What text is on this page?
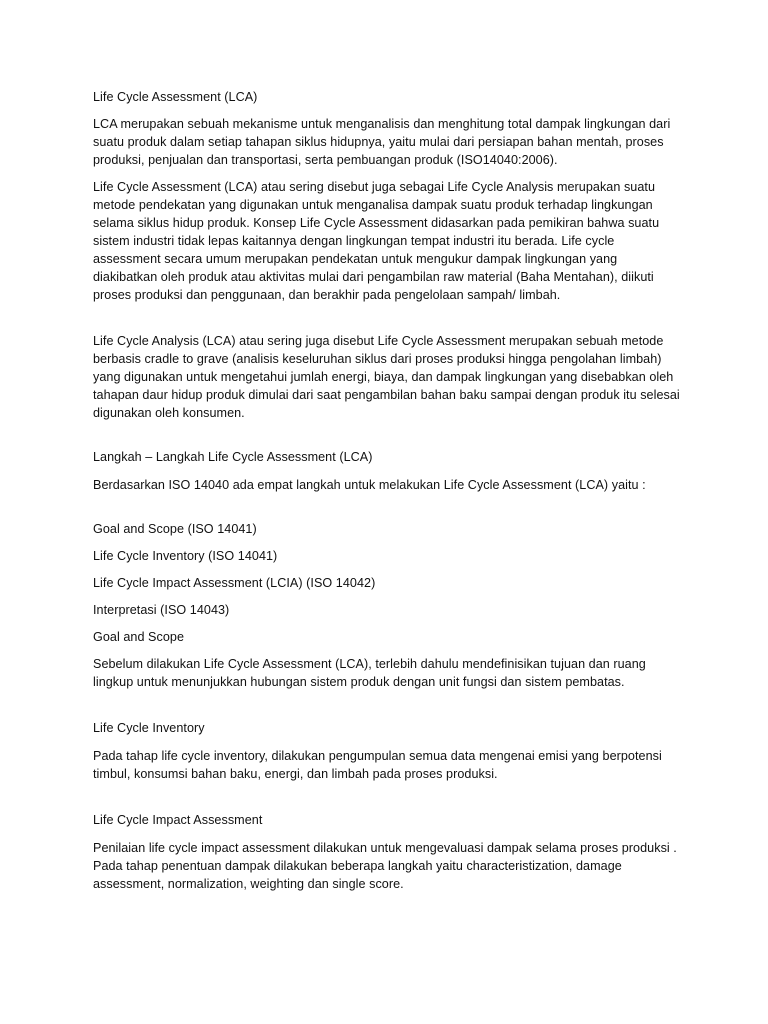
Life Cycle Assessment (LCA)

LCA merupakan sebuah mekanisme untuk menganalisis dan menghitung total dampak lingkungan dari suatu produk dalam setiap tahapan siklus hidupnya, yaitu mulai dari persiapan bahan mentah, proses produksi, penjualan dan transportasi, serta pembuangan produk (ISO14040:2006).

Life Cycle Assessment (LCA) atau sering disebut juga sebagai Life Cycle Analysis merupakan suatu metode pendekatan yang digunakan untuk menganalisa dampak suatu produk terhadap lingkungan selama siklus hidup produk. Konsep Life Cycle Assessment didasarkan pada pemikiran bahwa suatu sistem industri tidak lepas kaitannya dengan lingkungan tempat industri itu berada. Life cycle assessment secara umum merupakan pendekatan untuk mengukur dampak lingkungan yang diakibatkan oleh produk atau aktivitas mulai dari pengambilan raw material (Baha Mentahan), diikuti proses produksi dan penggunaan, dan berakhir pada pengelolaan sampah/ limbah.

Life Cycle Analysis (LCA) atau sering juga disebut Life Cycle Assessment merupakan sebuah metode berbasis cradle to grave (analisis keseluruhan siklus dari proses produksi hingga pengolahan limbah) yang digunakan untuk mengetahui jumlah energi, biaya, dan dampak lingkungan yang disebabkan oleh tahapan daur hidup produk dimulai dari saat pengambilan bahan baku sampai dengan produk itu selesai digunakan oleh konsumen.

Langkah – Langkah Life Cycle Assessment (LCA)

Berdasarkan ISO 14040 ada empat langkah untuk melakukan Life Cycle Assessment (LCA) yaitu :

Goal and Scope (ISO 14041)

Life Cycle Inventory (ISO 14041)

Life Cycle Impact Assessment (LCIA) (ISO 14042)

Interpretasi (ISO 14043)

Goal and Scope

Sebelum dilakukan Life Cycle Assessment (LCA), terlebih dahulu mendefinisikan tujuan dan ruang lingkup untuk menunjukkan hubungan sistem produk dengan unit fungsi dan sistem pembatas.

Life Cycle Inventory

Pada tahap life cycle inventory, dilakukan pengumpulan semua data mengenai emisi yang berpotensi timbul, konsumsi bahan baku, energi, dan limbah pada proses produksi.

Life Cycle Impact Assessment

Penilaian life cycle impact assessment dilakukan untuk mengevaluasi dampak selama proses produksi . Pada tahap penentuan dampak dilakukan beberapa langkah yaitu characteristization, damage assessment, normalization, weighting dan single score.
